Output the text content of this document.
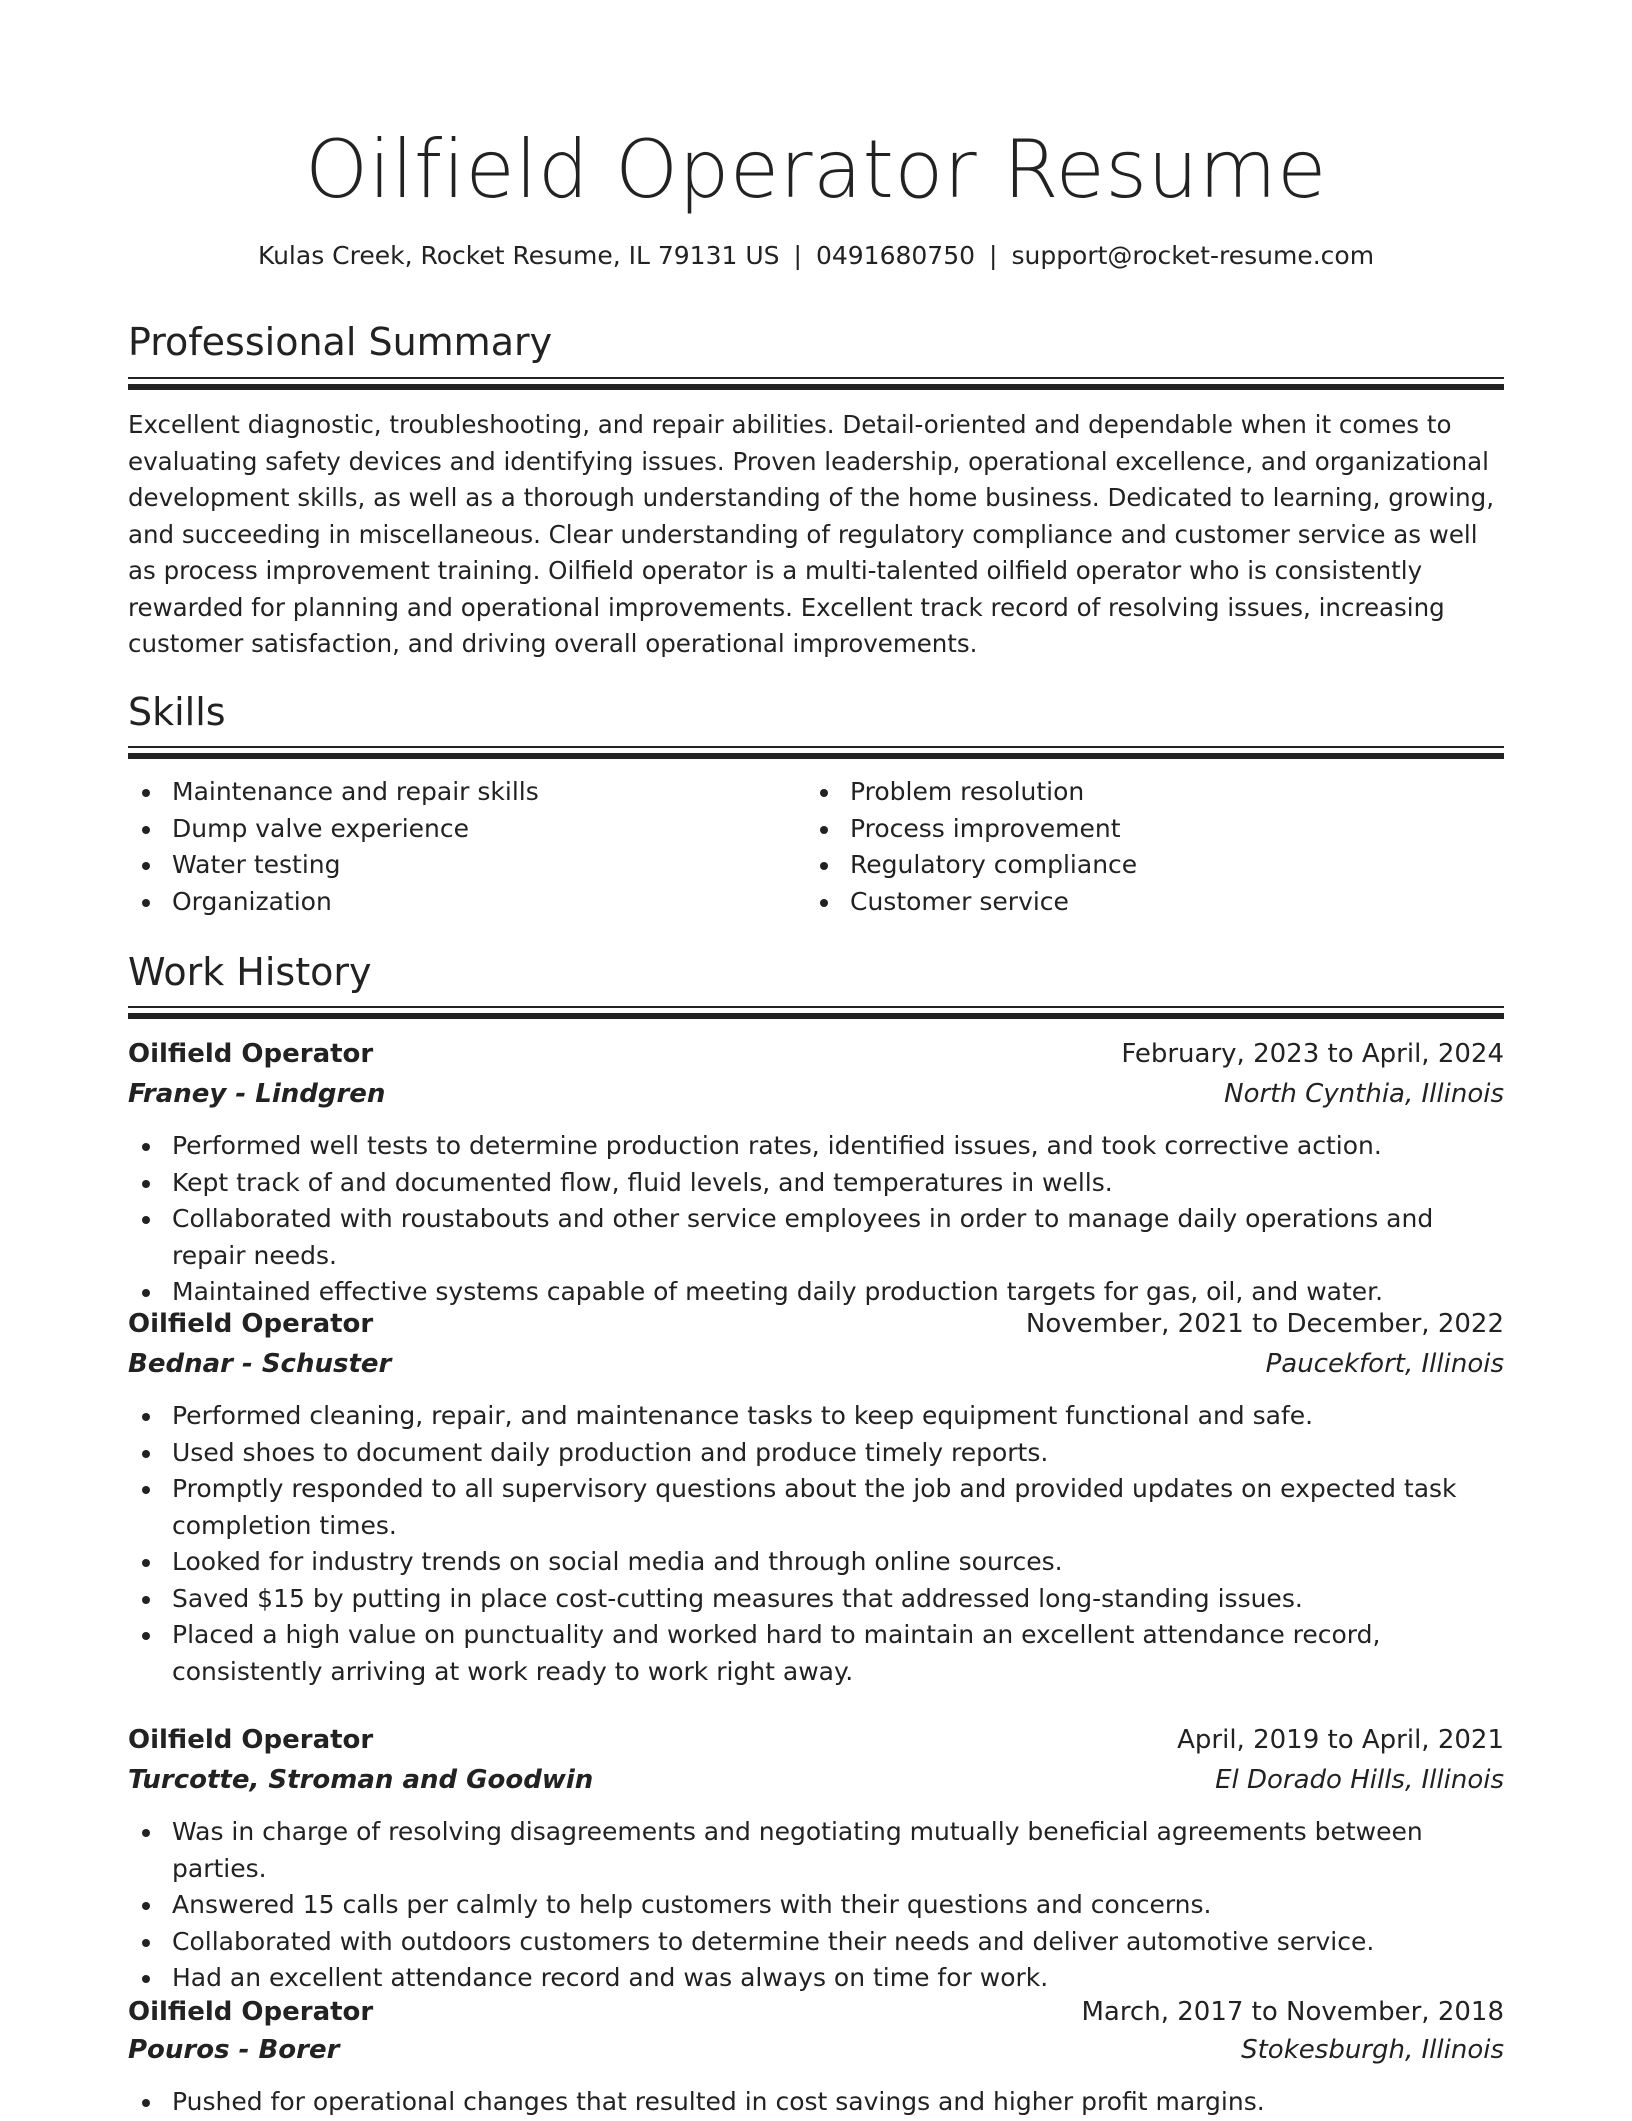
Oilfield Operator Resume
Kulas Creek, Rocket Resume, IL 79131 US | 0491680750 | support@rocket-resume.com
Professional Summary
Excellent diagnostic, troubleshooting, and repair abilities. Detail-oriented and dependable when it comes to evaluating safety devices and identifying issues. Proven leadership, operational excellence, and organizational development skills, as well as a thorough understanding of the home business. Dedicated to learning, growing, and succeeding in miscellaneous. Clear understanding of regulatory compliance and customer service as well as process improvement training. Oilfield operator is a multi-talented oilfield operator who is consistently rewarded for planning and operational improvements. Excellent track record of resolving issues, increasing customer satisfaction, and driving overall operational improvements.
Skills
Maintenance and repair skills
Dump valve experience
Water testing
Organization
Problem resolution
Process improvement
Regulatory compliance
Customer service
Work History
Oilfield Operator	February, 2023 to April, 2024
Franey - Lindgren	North Cynthia, Illinois
Performed well tests to determine production rates, identified issues, and took corrective action.
Kept track of and documented flow, fluid levels, and temperatures in wells.
Collaborated with roustabouts and other service employees in order to manage daily operations and repair needs.
Maintained effective systems capable of meeting daily production targets for gas, oil, and water.
Oilfield Operator	November, 2021 to December, 2022
Bednar - Schuster	Paucekfort, Illinois
Performed cleaning, repair, and maintenance tasks to keep equipment functional and safe.
Used shoes to document daily production and produce timely reports.
Promptly responded to all supervisory questions about the job and provided updates on expected task completion times.
Looked for industry trends on social media and through online sources.
Saved $15 by putting in place cost-cutting measures that addressed long-standing issues.
Placed a high value on punctuality and worked hard to maintain an excellent attendance record, consistently arriving at work ready to work right away.
Oilfield Operator	April, 2019 to April, 2021
Turcotte, Stroman and Goodwin	El Dorado Hills, Illinois
Was in charge of resolving disagreements and negotiating mutually beneficial agreements between parties.
Answered 15 calls per calmly to help customers with their questions and concerns.
Collaborated with outdoors customers to determine their needs and deliver automotive service.
Had an excellent attendance record and was always on time for work.
Oilfield Operator	March, 2017 to November, 2018
Pouros - Borer	Stokesburgh, Illinois
Pushed for operational changes that resulted in cost savings and higher profit margins.
